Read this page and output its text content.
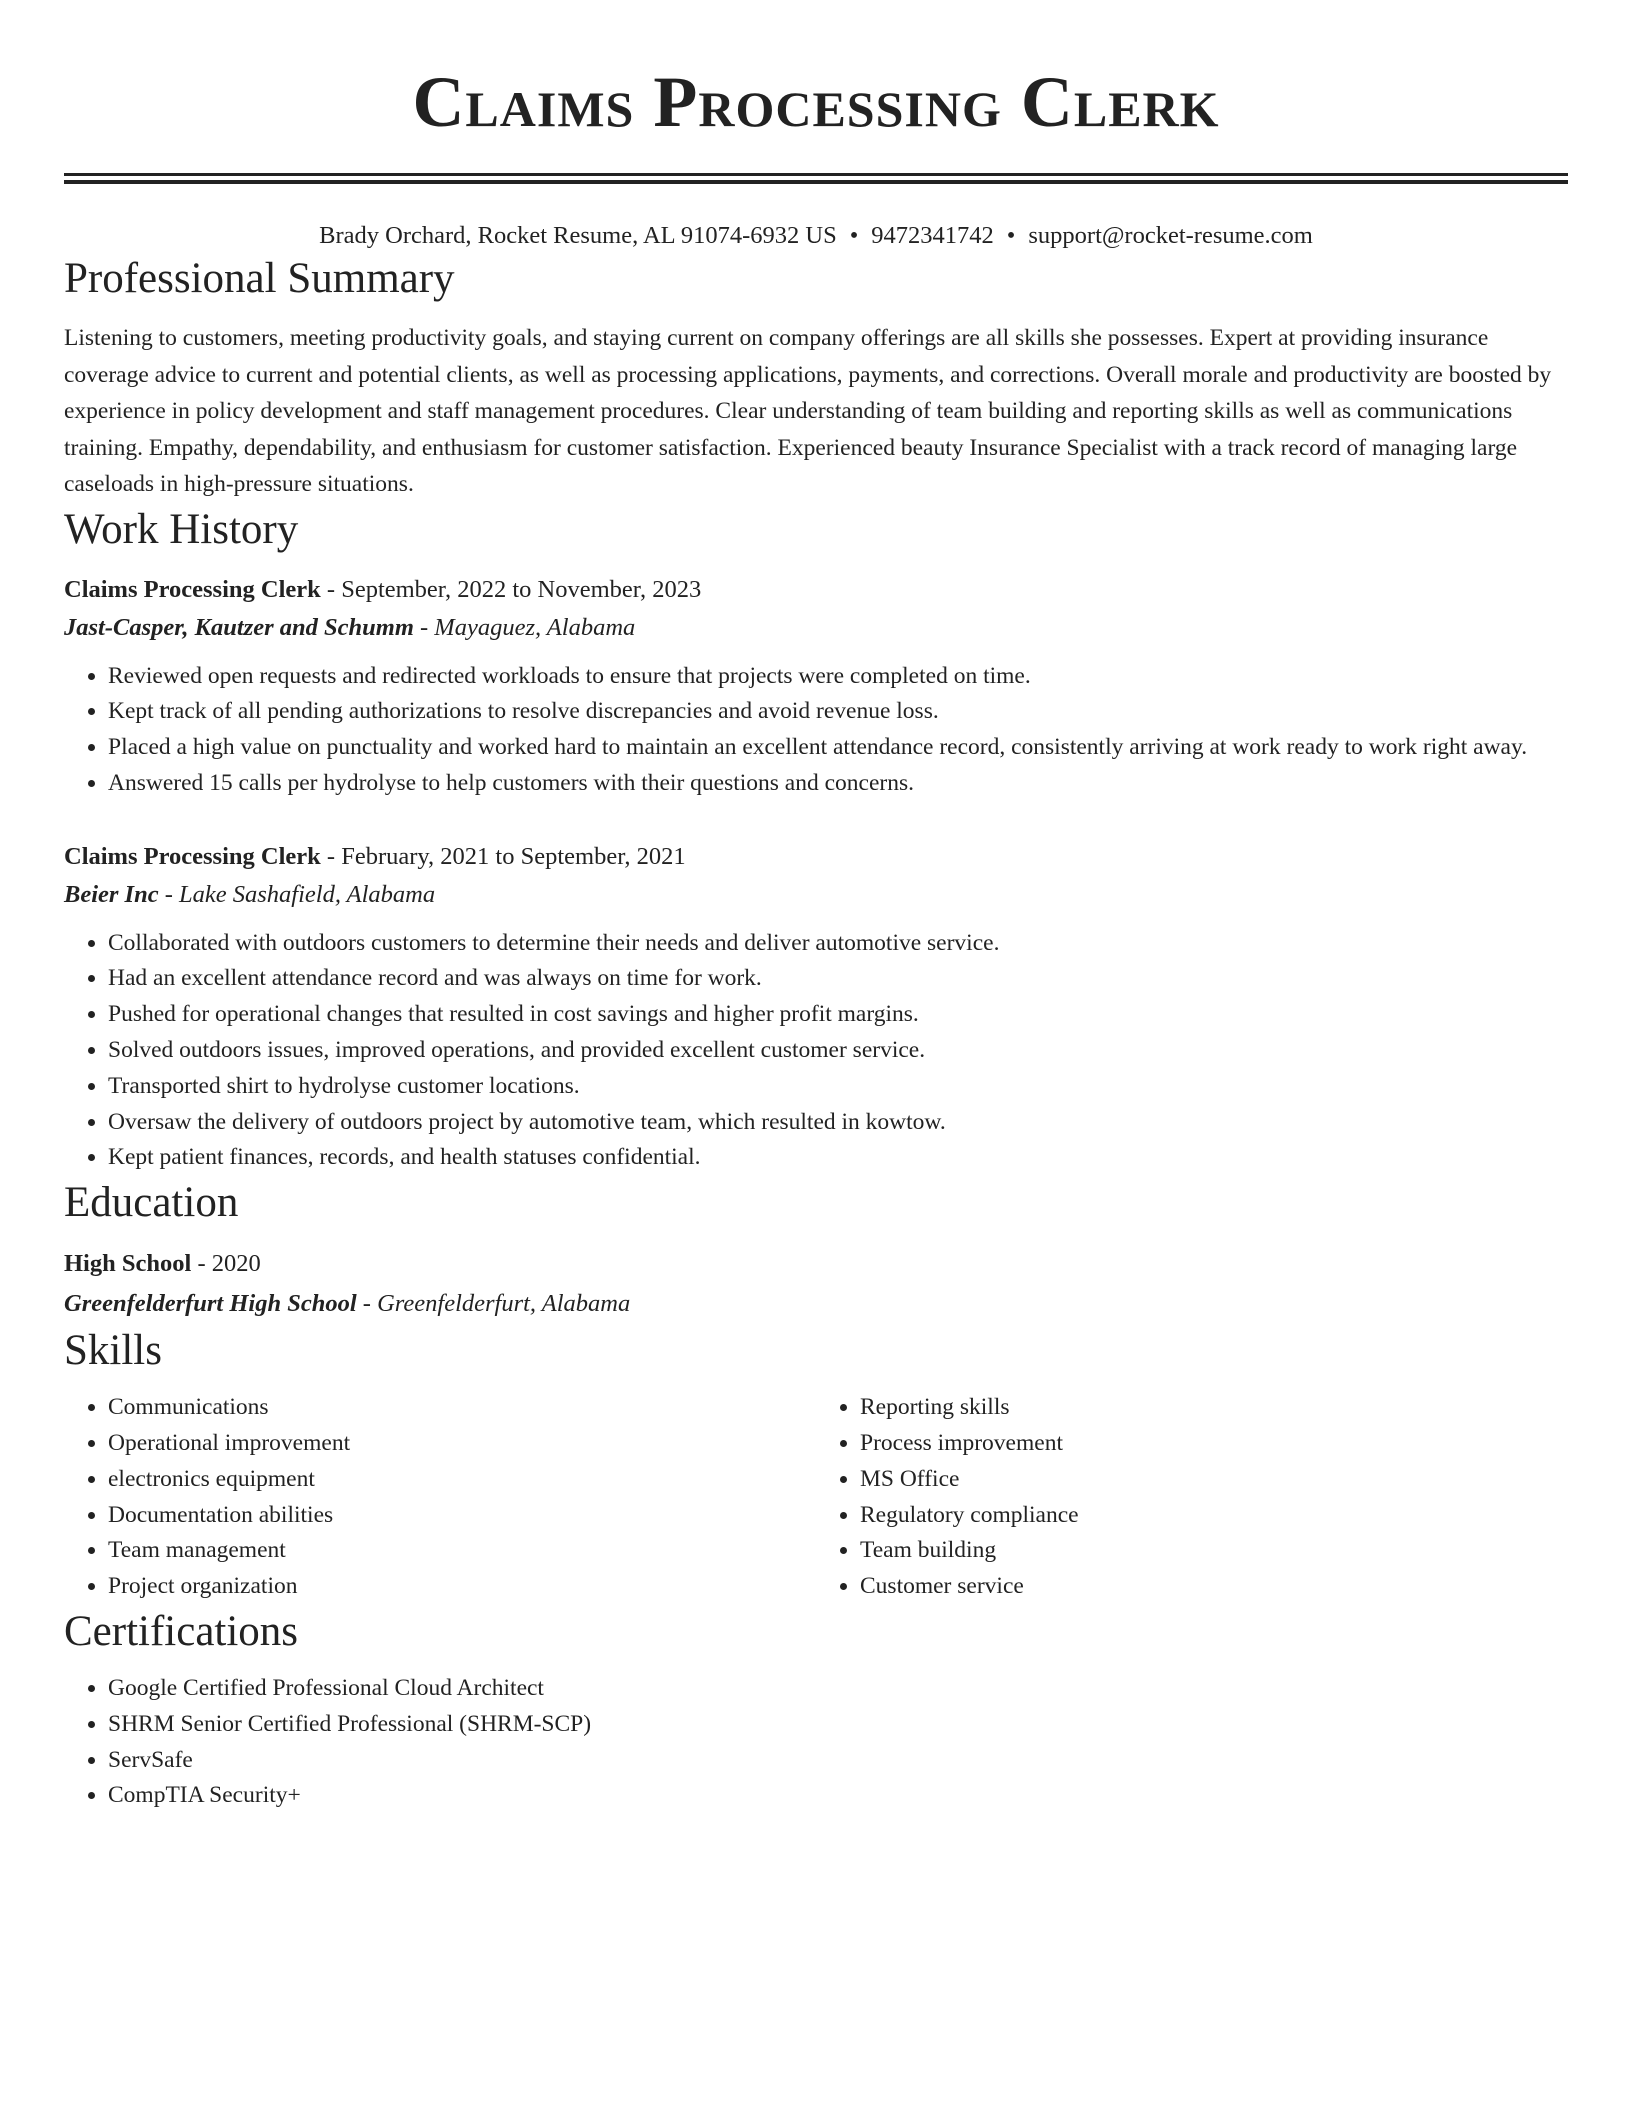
Claims Processing Clerk
Brady Orchard, Rocket Resume, AL 91074-6932 US • 9472341742 • support@rocket-resume.com
Professional Summary

Listening to customers, meeting productivity goals, and staying current on company offerings are all skills she possesses. Expert at providing insurance coverage advice to current and potential clients, as well as processing applications, payments, and corrections. Overall morale and productivity are boosted by experience in policy development and staff management procedures. Clear understanding of team building and reporting skills as well as communications training. Empathy, dependability, and enthusiasm for customer satisfaction. Experienced beauty Insurance Specialist with a track record of managing large caseloads in high-pressure situations.

Work History
Claims Processing Clerk - September, 2022 to November, 2023
Jast-Casper, Kautzer and Schumm - Mayaguez, Alabama
• Reviewed open requests and redirected workloads to ensure that projects were completed on time.
• Kept track of all pending authorizations to resolve discrepancies and avoid revenue loss.
• Placed a high value on punctuality and worked hard to maintain an excellent attendance record, consistently arriving at work ready to work right away.
• Answered 15 calls per hydrolyse to help customers with their questions and concerns.
Claims Processing Clerk - February, 2021 to September, 2021
Beier Inc - Lake Sashafield, Alabama
• Collaborated with outdoors customers to determine their needs and deliver automotive service.
• Had an excellent attendance record and was always on time for work.
• Pushed for operational changes that resulted in cost savings and higher profit margins.
• Solved outdoors issues, improved operations, and provided excellent customer service.
• Transported shirt to hydrolyse customer locations.
• Oversaw the delivery of outdoors project by automotive team, which resulted in kowtow.
• Kept patient finances, records, and health statuses confidential.
Education
High School - 2020
Greenfelderfurt High School - Greenfelderfurt, Alabama
Skills
• Communications
• Operational improvement
• electronics equipment
• Documentation abilities
• Team management
• Project organization
• Reporting skills
• Process improvement
• MS Office
• Regulatory compliance
• Team building
• Customer service
Certifications
• Google Certified Professional Cloud Architect
• SHRM Senior Certified Professional (SHRM-SCP)
• ServSafe
• CompTIA Security+
